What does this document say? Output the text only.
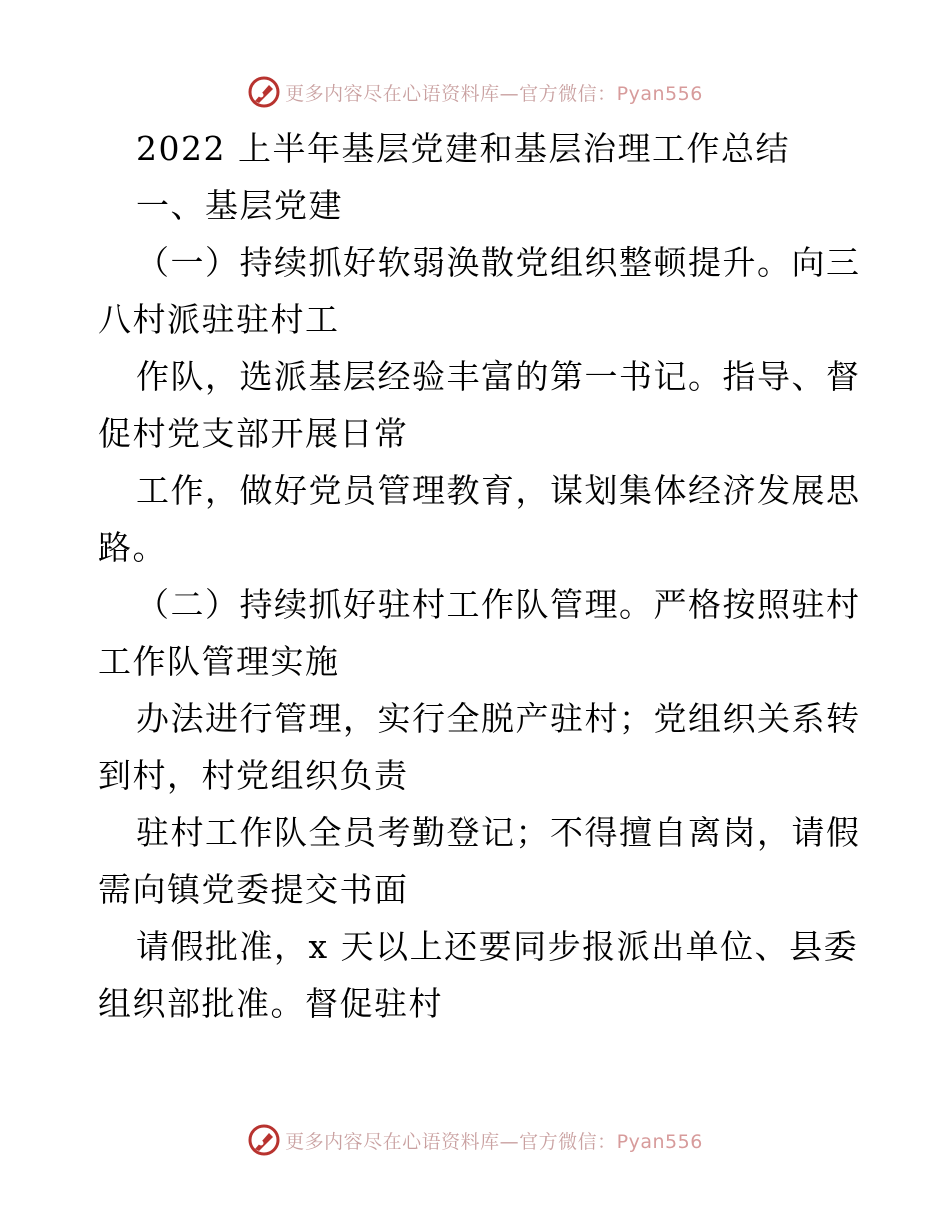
更多内容尽在心语资料库—官方微信：Pyan556
2022 上半年基层党建和基层治理工作总结
一、基层党建
（一）持续抓好软弱涣散党组织整顿提升。向三
八村派驻驻村工
作队，选派基层经验丰富的第一书记。指导、督
促村党支部开展日常
工作，做好党员管理教育，谋划集体经济发展思
路。
（二）持续抓好驻村工作队管理。严格按照驻村
工作队管理实施
办法进行管理，实行全脱产驻村；党组织关系转
到村，村党组织负责
驻村工作队全员考勤登记；不得擅自离岗，请假
需向镇党委提交书面
请假批准，x 天以上还要同步报派出单位、县委
组织部批准。督促驻村
更多内容尽在心语资料库—官方微信：Pyan556
